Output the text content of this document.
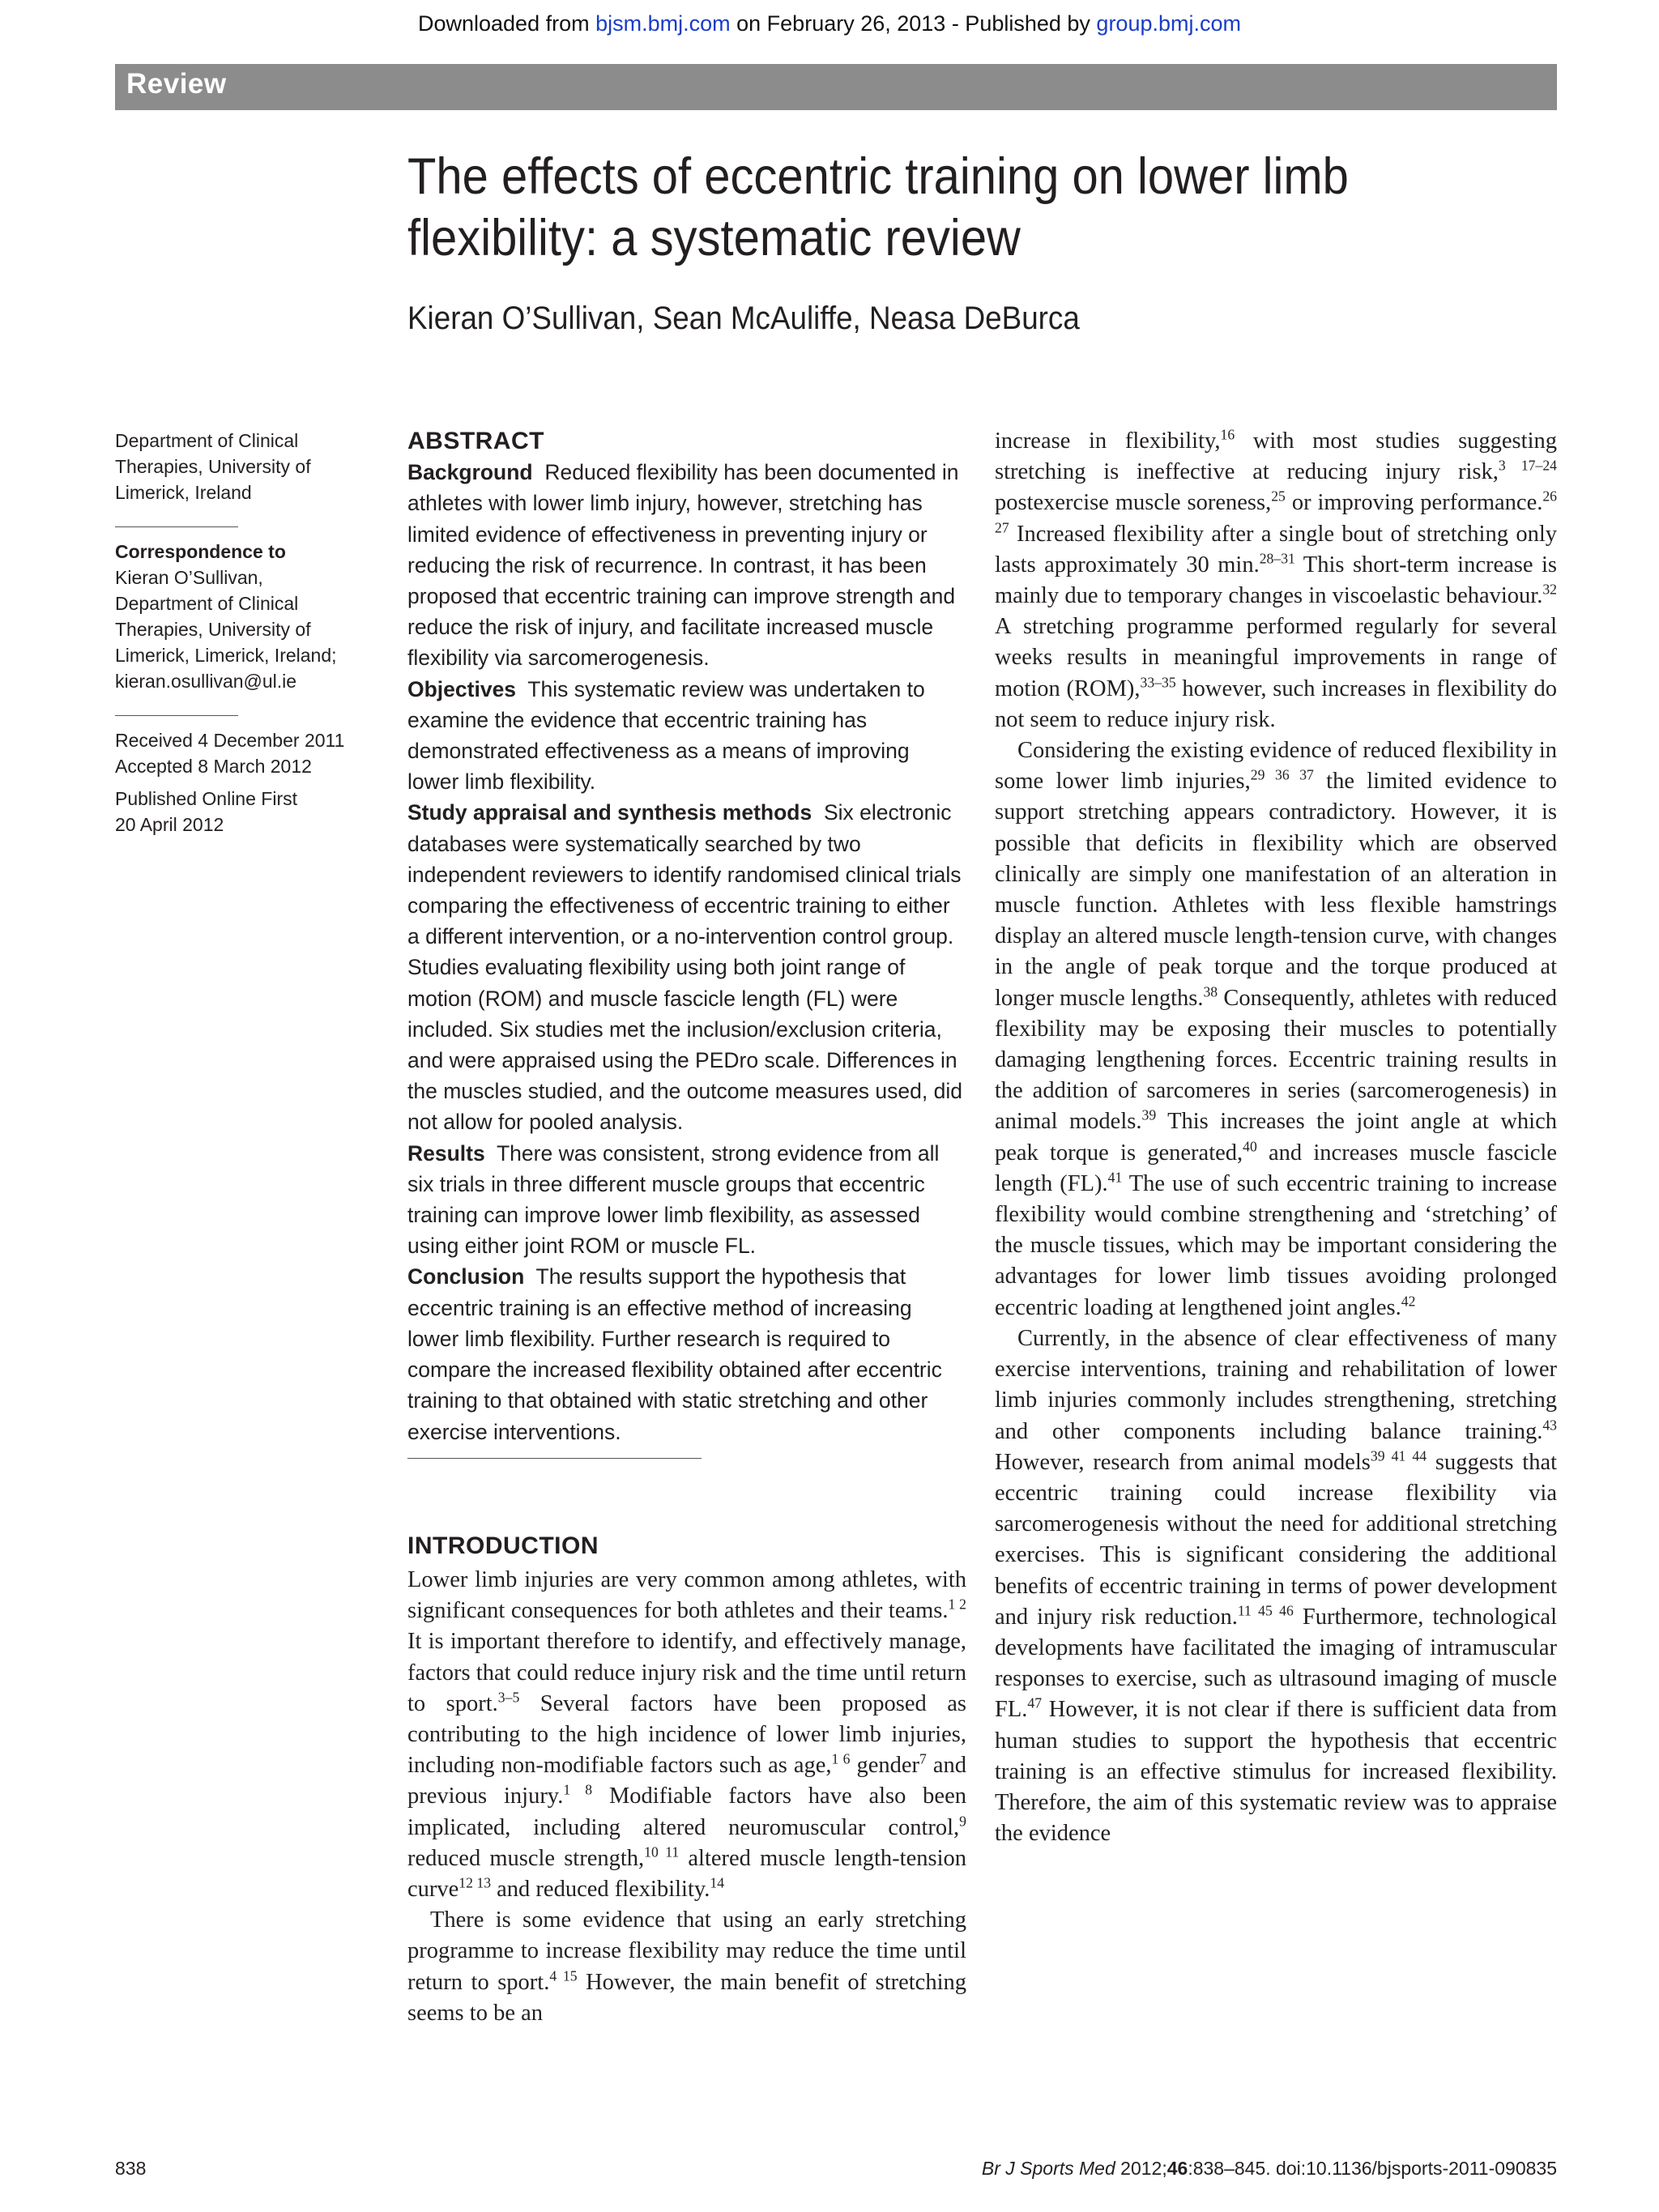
Downloaded from bjsm.bmj.com on February 26, 2013 - Published by group.bmj.com
Review
The effects of eccentric training on lower limb flexibility: a systematic review
Kieran O’Sullivan, Sean McAuliffe, Neasa DeBurca
Department of Clinical Therapies, University of Limerick, Ireland
Correspondence to
Kieran O’Sullivan, Department of Clinical Therapies, University of Limerick, Limerick, Ireland;
kieran.osullivan@ul.ie
Received 4 December 2011
Accepted 8 March 2012
Published Online First
20 April 2012
ABSTRACT

Background Reduced flexibility has been documented in athletes with lower limb injury, however, stretching has limited evidence of effectiveness in preventing injury or reducing the risk of recurrence. In contrast, it has been proposed that eccentric training can improve strength and reduce the risk of injury, and facilitate increased muscle flexibility via sarcomerogenesis.

Objectives This systematic review was undertaken to examine the evidence that eccentric training has demonstrated effectiveness as a means of improving lower limb flexibility.

Study appraisal and synthesis methods Six electronic databases were systematically searched by two independent reviewers to identify randomised clinical trials comparing the effectiveness of eccentric training to either a different intervention, or a no-intervention control group. Studies evaluating flexibility using both joint range of motion (ROM) and muscle fascicle length (FL) were included. Six studies met the inclusion/exclusion criteria, and were appraised using the PEDro scale. Differences in the muscles studied, and the outcome measures used, did not allow for pooled analysis.

Results There was consistent, strong evidence from all six trials in three different muscle groups that eccentric training can improve lower limb flexibility, as assessed using either joint ROM or muscle FL.

Conclusion The results support the hypothesis that eccentric training is an effective method of increasing lower limb flexibility. Further research is required to compare the increased flexibility obtained after eccentric training to that obtained with static stretching and other exercise interventions.

INTRODUCTION

Lower limb injuries are very common among athletes, with significant consequences for both athletes and their teams.$^{1 2}$ It is important therefore to identify, and effectively manage, factors that could reduce injury risk and the time until return to sport.$^{3-5}$ Several factors have been proposed as contributing to the high incidence of lower limb injuries, including non-modifiable factors such as age,$^{1 6}$ gender$^7$ and previous injury.$^{1 8}$ Modifiable factors have also been implicated, including altered neuromuscular control,$^9$ reduced muscle strength,$^{10 11}$ altered muscle length-tension curve$^{12 13}$ and reduced flexibility.$^{14}$

There is some evidence that using an early stretching programme to increase flexibility may reduce the time until return to sport.$^{4 15}$ However, the main benefit of stretching seems to be an

increase in flexibility,$^{16}$ with most studies suggesting stretching is ineffective at reducing injury risk,$^{3 17-24}$ postexercise muscle soreness,$^{25}$ or improving performance.$^{26 27}$ Increased flexibility after a single bout of stretching only lasts approximately 30 min.$^{28-31}$ This short-term increase is mainly due to temporary changes in viscoelastic behaviour.$^{32}$ A stretching programme performed regularly for several weeks results in meaningful improvements in range of motion (ROM),$^{33-35}$ however, such increases in flexibility do not seem to reduce injury risk.

Considering the existing evidence of reduced flexibility in some lower limb injuries,$^{29 36 37}$ the limited evidence to support stretching appears contradictory. However, it is possible that deficits in flexibility which are observed clinically are simply one manifestation of an alteration in muscle function. Athletes with less flexible hamstrings display an altered muscle length-tension curve, with changes in the angle of peak torque and the torque produced at longer muscle lengths.$^{38}$ Consequently, athletes with reduced flexibility may be exposing their muscles to potentially damaging lengthening forces. Eccentric training results in the addition of sarcomeres in series (sarcomerogenesis) in animal models.$^{39}$ This increases the joint angle at which peak torque is generated,$^{40}$ and increases muscle fascicle length (FL).$^{41}$ The use of such eccentric training to increase flexibility would combine strengthening and ‘stretching’ of the muscle tissues, which may be important considering the advantages for lower limb tissues avoiding prolonged eccentric loading at lengthened joint angles.$^{42}$

Currently, in the absence of clear effectiveness of many exercise interventions, training and rehabilitation of lower limb injuries commonly includes strengthening, stretching and other components including balance training.$^{43}$ However, research from animal models$^{39 41 44}$ suggests that eccentric training could increase flexibility via sarcomerogenesis without the need for additional stretching exercises. This is significant considering the additional benefits of eccentric training in terms of power development and injury risk reduction.$^{11 45 46}$ Furthermore, technological developments have facilitated the imaging of intramuscular responses to exercise, such as ultrasound imaging of muscle FL.$^{47}$ However, it is not clear if there is sufficient data from human studies to support the hypothesis that eccentric training is an effective stimulus for increased flexibility. Therefore, the aim of this systematic review was to appraise the evidence

838	Br J Sports Med 2012;46:838–845. doi:10.1136/bjsports-2011-090835
